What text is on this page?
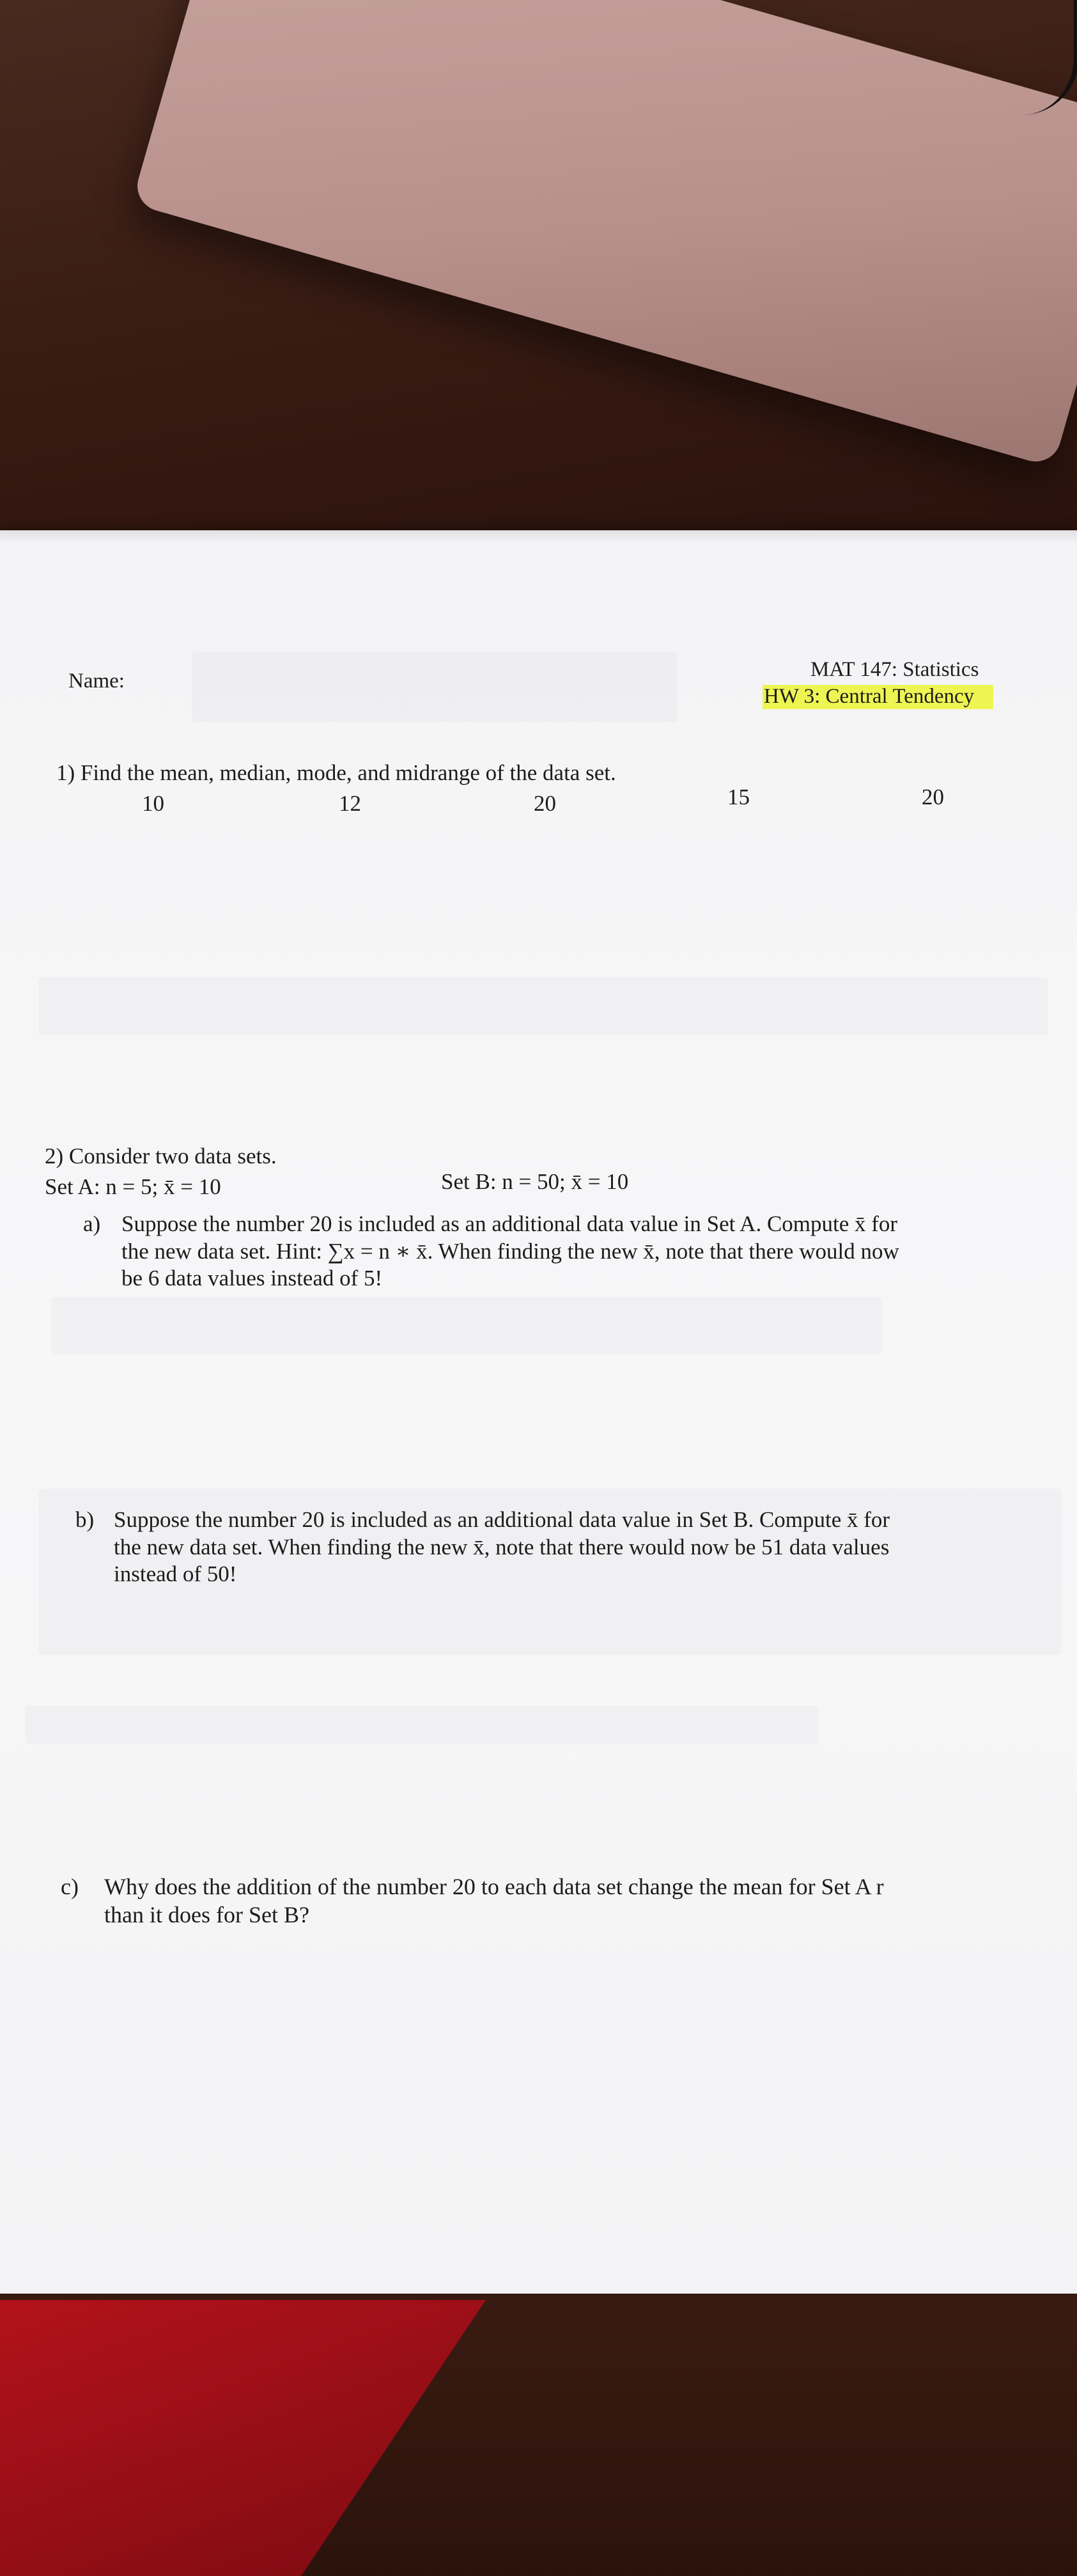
Name:	MAT 147: Statistics
HW 3: Central Tendency
1) Find the mean, median, mode, and midrange of the data set.
10	12	20	15	20
2) Consider two data sets.
Set A: n = 5; x̄ = 10	Set B: n = 50; x̄ = 10
a) Suppose the number 20 is included as an additional data value in Set A. Compute x̄ for
the new data set. Hint: ∑x = n ∗ x̄. When finding the new x̄, note that there would now
be 6 data values instead of 5!
b) Suppose the number 20 is included as an additional data value in Set B. Compute x̄ for
the new data set. When finding the new x̄, note that there would now be 51 data values
instead of 50!
c) Why does the addition of the number 20 to each data set change the mean for Set A r
than it does for Set B?
